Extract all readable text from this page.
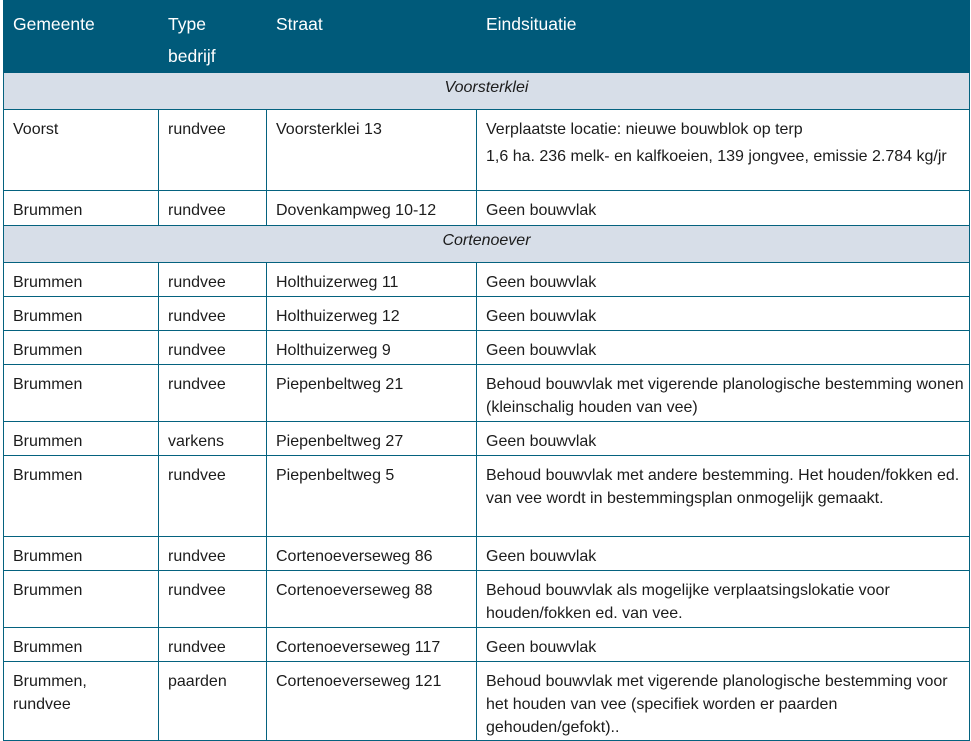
Gemeente	Type bedrijf	Straat	Eindsituatie
Voorsterklei			
Voorst	rundvee	Voorsterklei 13	Verplaatste locatie: nieuwe bouwblok op terp
1,6 ha. 236 melk- en kalfkoeien, 139 jongvee, emissie 2.784 kg/jr

Brummen	rundvee	Dovenkampweg 10-12	Geen bouwvlak
Cortenoever			
Brummen	rundvee	Holthuizerweg 11	Geen bouwvlak
Brummen	rundvee	Holthuizerweg 12	Geen bouwvlak
Brummen	rundvee	Holthuizerweg 9	Geen bouwvlak
Brummen	rundvee	Piepenbeltweg 21	Behoud bouwvlak met vigerende planologische bestemming wonen (kleinschalig houden van vee)
Brummen	varkens	Piepenbeltweg 27	Geen bouwvlak
Brummen	rundvee	Piepenbeltweg 5	Behoud bouwvlak met andere bestemming. Het houden/fokken ed. van vee wordt in bestemmingsplan onmogelijk gemaakt.
Brummen	rundvee	Cortenoeverseweg 86	Geen bouwvlak
Brummen	rundvee	Cortenoeverseweg 88	Behoud bouwvlak als mogelijke verplaatsingslokatie voor houden/fokken ed. van vee.
Brummen	rundvee	Cortenoeverseweg 117	Geen bouwvlak
Brummen, rundvee	paarden	Cortenoeverseweg 121	Behoud bouwvlak met vigerende planologische bestemming voor het houden van vee (specifiek worden er paarden gehouden/gefokt)..
